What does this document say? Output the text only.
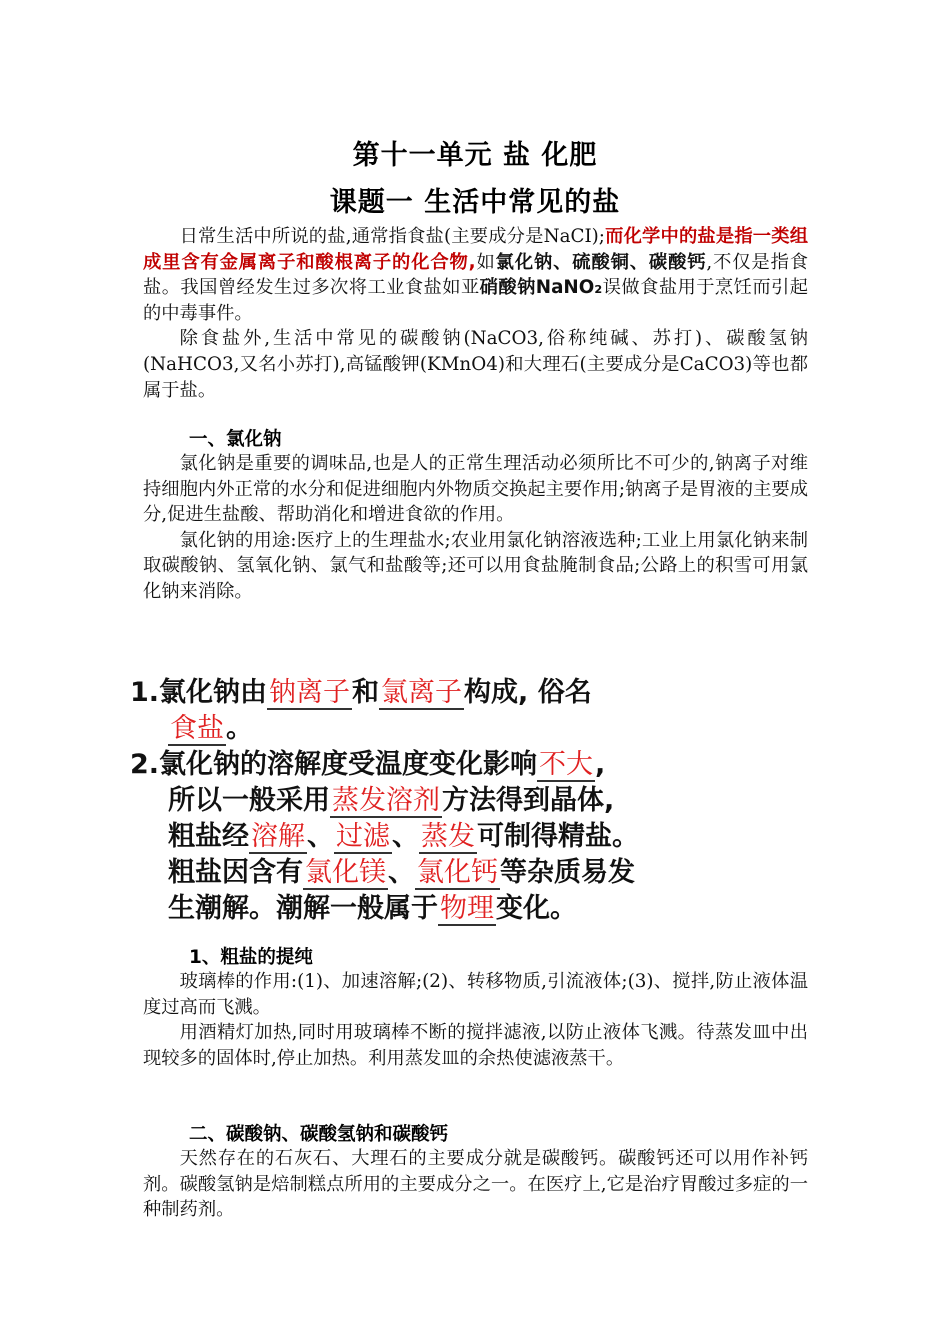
第十一单元 盐 化肥
课题一 生活中常见的盐

日常生活中所说的盐,通常指食盐(主要成分是NaCI);而化学中的盐是指一类组成里含有金属离子和酸根离子的化合物,如氯化钠、硫酸铜、碳酸钙,不仅是指食盐。我国曾经发生过多次将工业食盐如亚硝酸钠NaNO₂误做食盐用于烹饪而引起的中毒事件。

除食盐外,生活中常见的碳酸钠(NaCO3,俗称纯碱、苏打)、碳酸氢钠(NaHCO3,又名小苏打),高锰酸钾(KMnO4)和大理石(主要成分是CaCO3)等也都属于盐。

一、氯化钠

氯化钠是重要的调味品,也是人的正常生理活动必须所比不可少的,钠离子对维持细胞内外正常的水分和促进细胞内外物质交换起主要作用;钠离子是胃液的主要成分,促进生盐酸、帮助消化和增进食欲的作用。

氯化钠的用途:医疗上的生理盐水;农业用氯化钠溶液选种;工业上用氯化钠来制取碳酸钠、氢氧化钠、氯气和盐酸等;还可以用食盐腌制食品;公路上的积雪可用氯化钠来消除。

1.氯化钠由钠离子和氯离子构成, 俗名
食盐。
2.氯化钠的溶解度受温度变化影响不大,
所以一般采用蒸发溶剂方法得到晶体,
粗盐经溶解、过滤、蒸发可制得精盐。
粗盐因含有氯化镁、氯化钙等杂质易发
生潮解。潮解一般属于物理变化。
1、粗盐的提纯

玻璃棒的作用:(1)、加速溶解;(2)、转移物质,引流液体;(3)、搅拌,防止液体温度过高而飞溅。

用酒精灯加热,同时用玻璃棒不断的搅拌滤液,以防止液体飞溅。待蒸发皿中出现较多的固体时,停止加热。利用蒸发皿的余热使滤液蒸干。

二、碳酸钠、碳酸氢钠和碳酸钙

天然存在的石灰石、大理石的主要成分就是碳酸钙。碳酸钙还可以用作补钙剂。碳酸氢钠是焙制糕点所用的主要成分之一。在医疗上,它是治疗胃酸过多症的一种制药剂。
